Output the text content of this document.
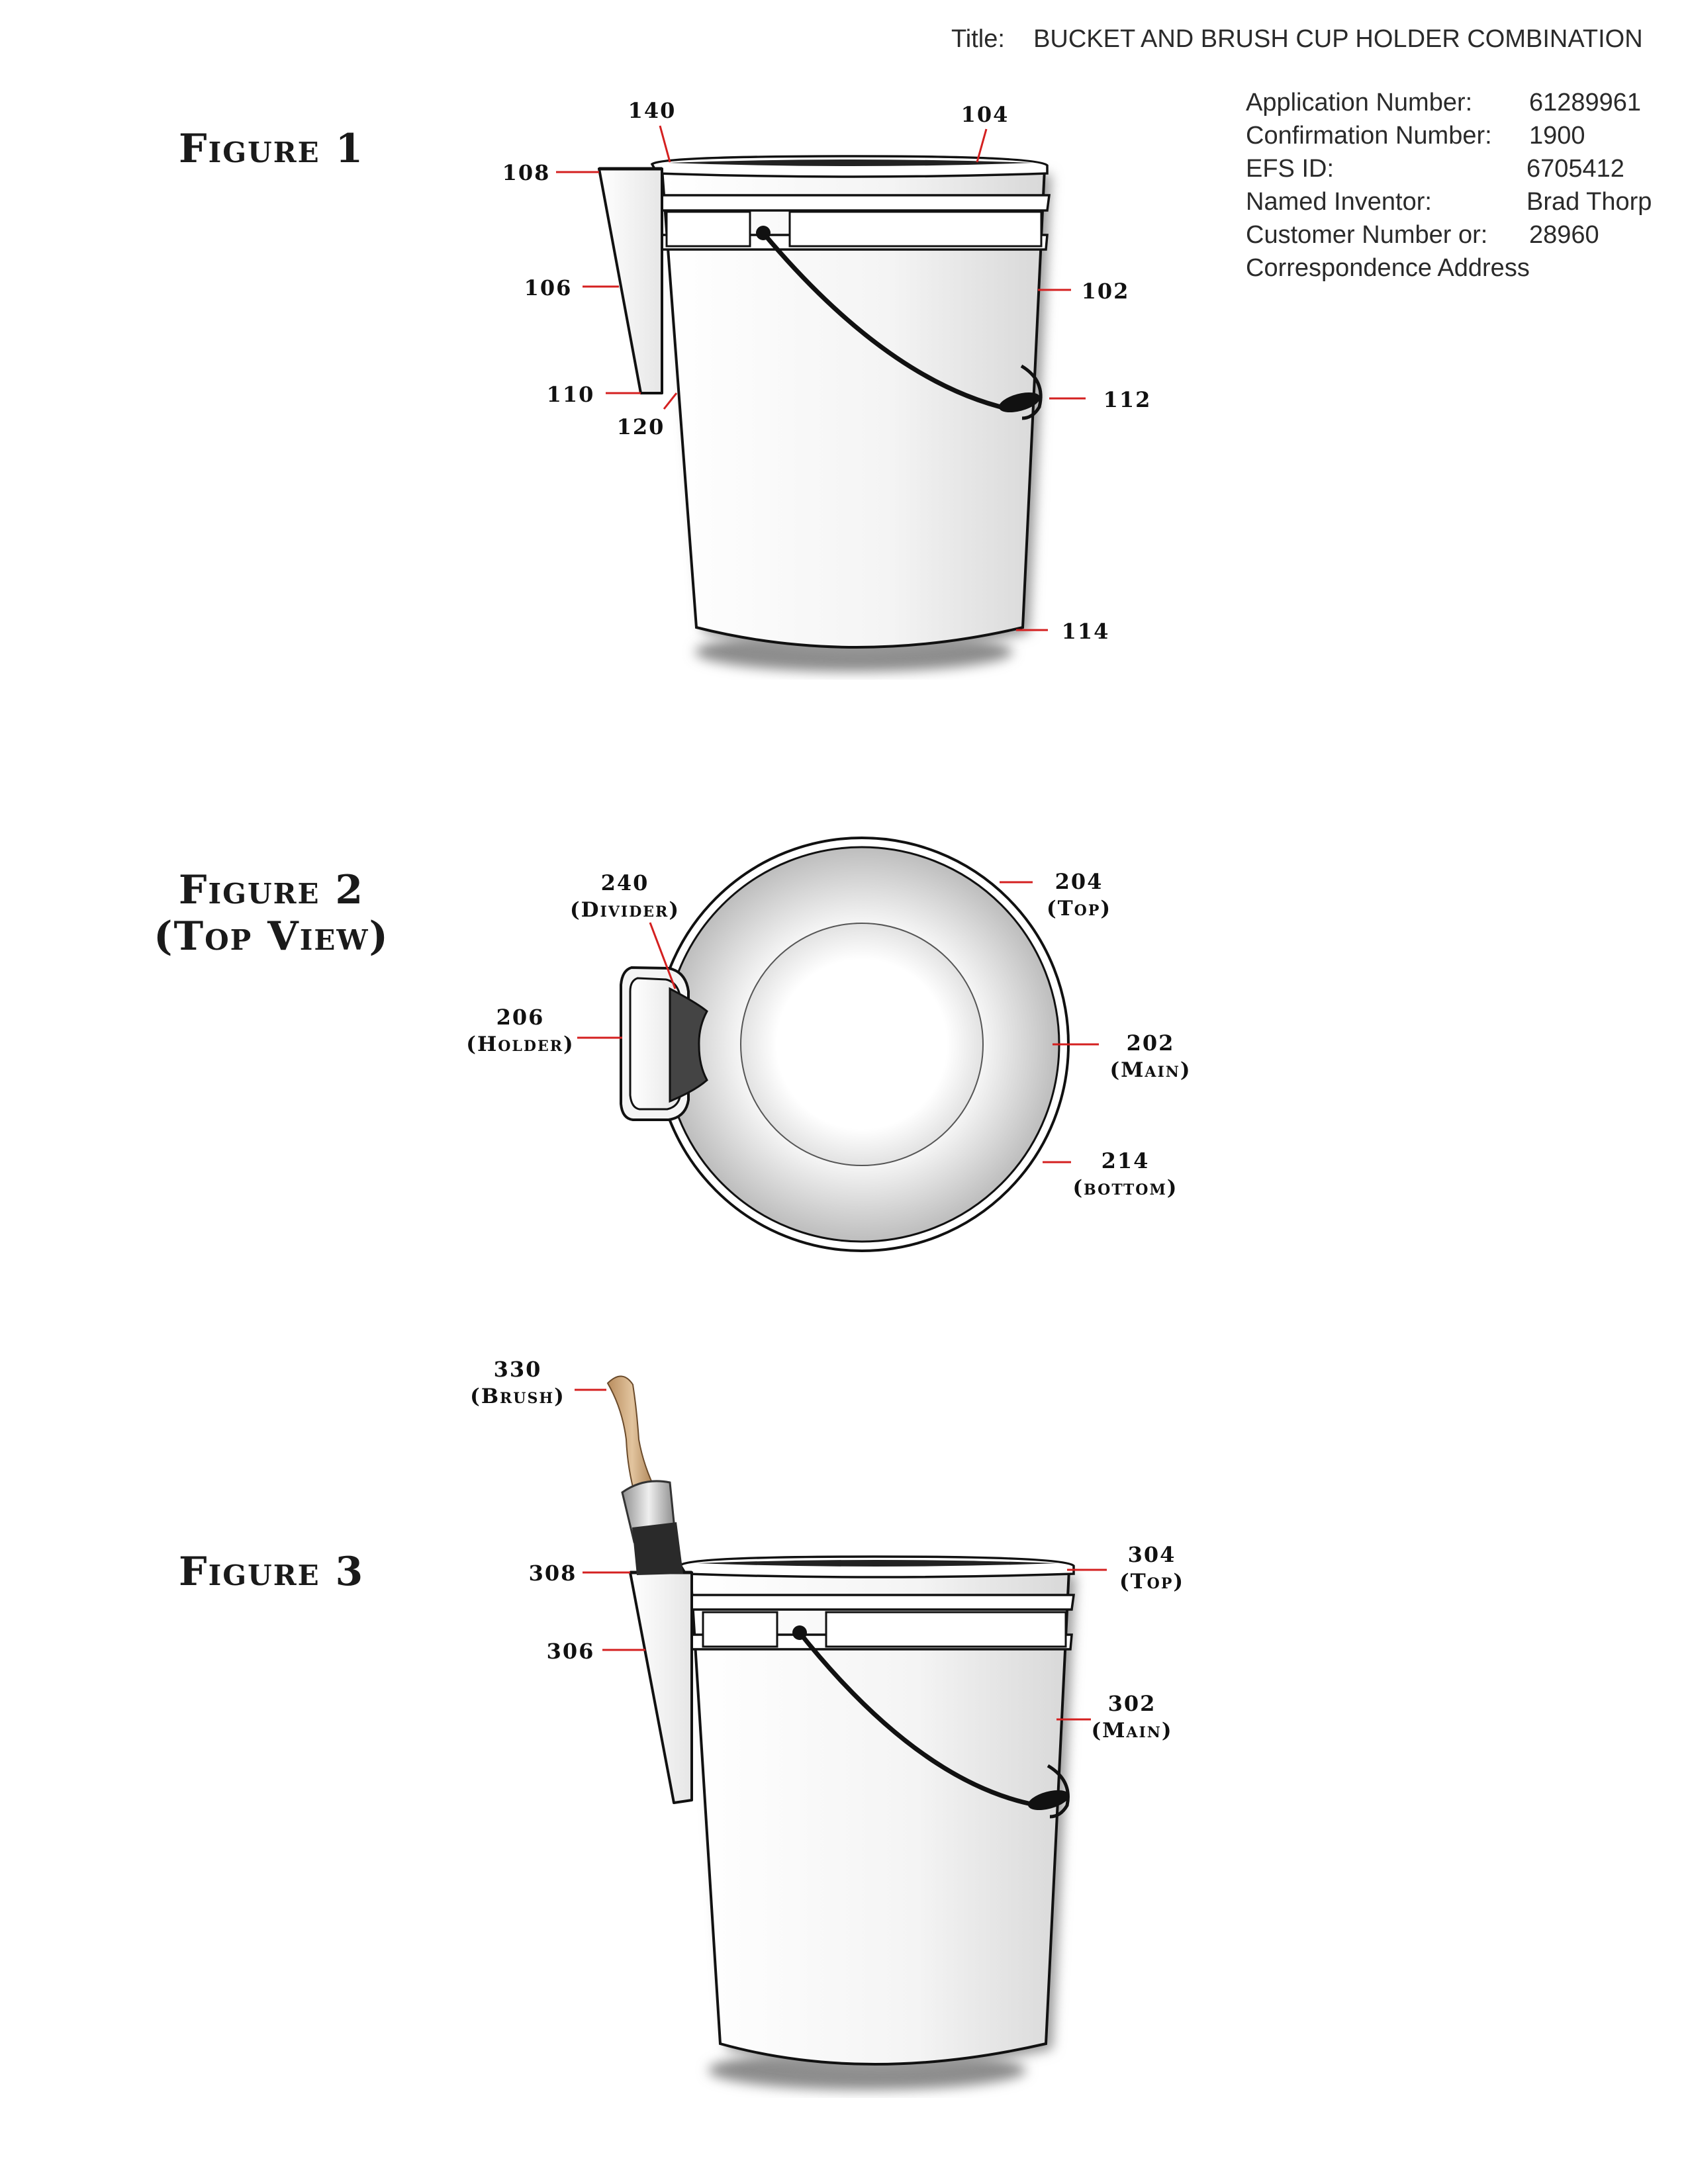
Title: BUCKET AND BRUSH CUP HOLDER COMBINATION
Application Number: 61289961
Confirmation Number: 1900
EFS ID:	6705412
Named Inventor:	Brad Thorp
Customer Number or: 28960
Correspondence Address
Figure 1
Figure 2
(Top View)
Figure 3
140	104
108
106	102
110
120
112
114
240
(Divider)
204
(Top)
206
(Holder)	202
(Main)
214
(bottom)
330
(Brush)
308
306
304
(Top)
302
(Main)
